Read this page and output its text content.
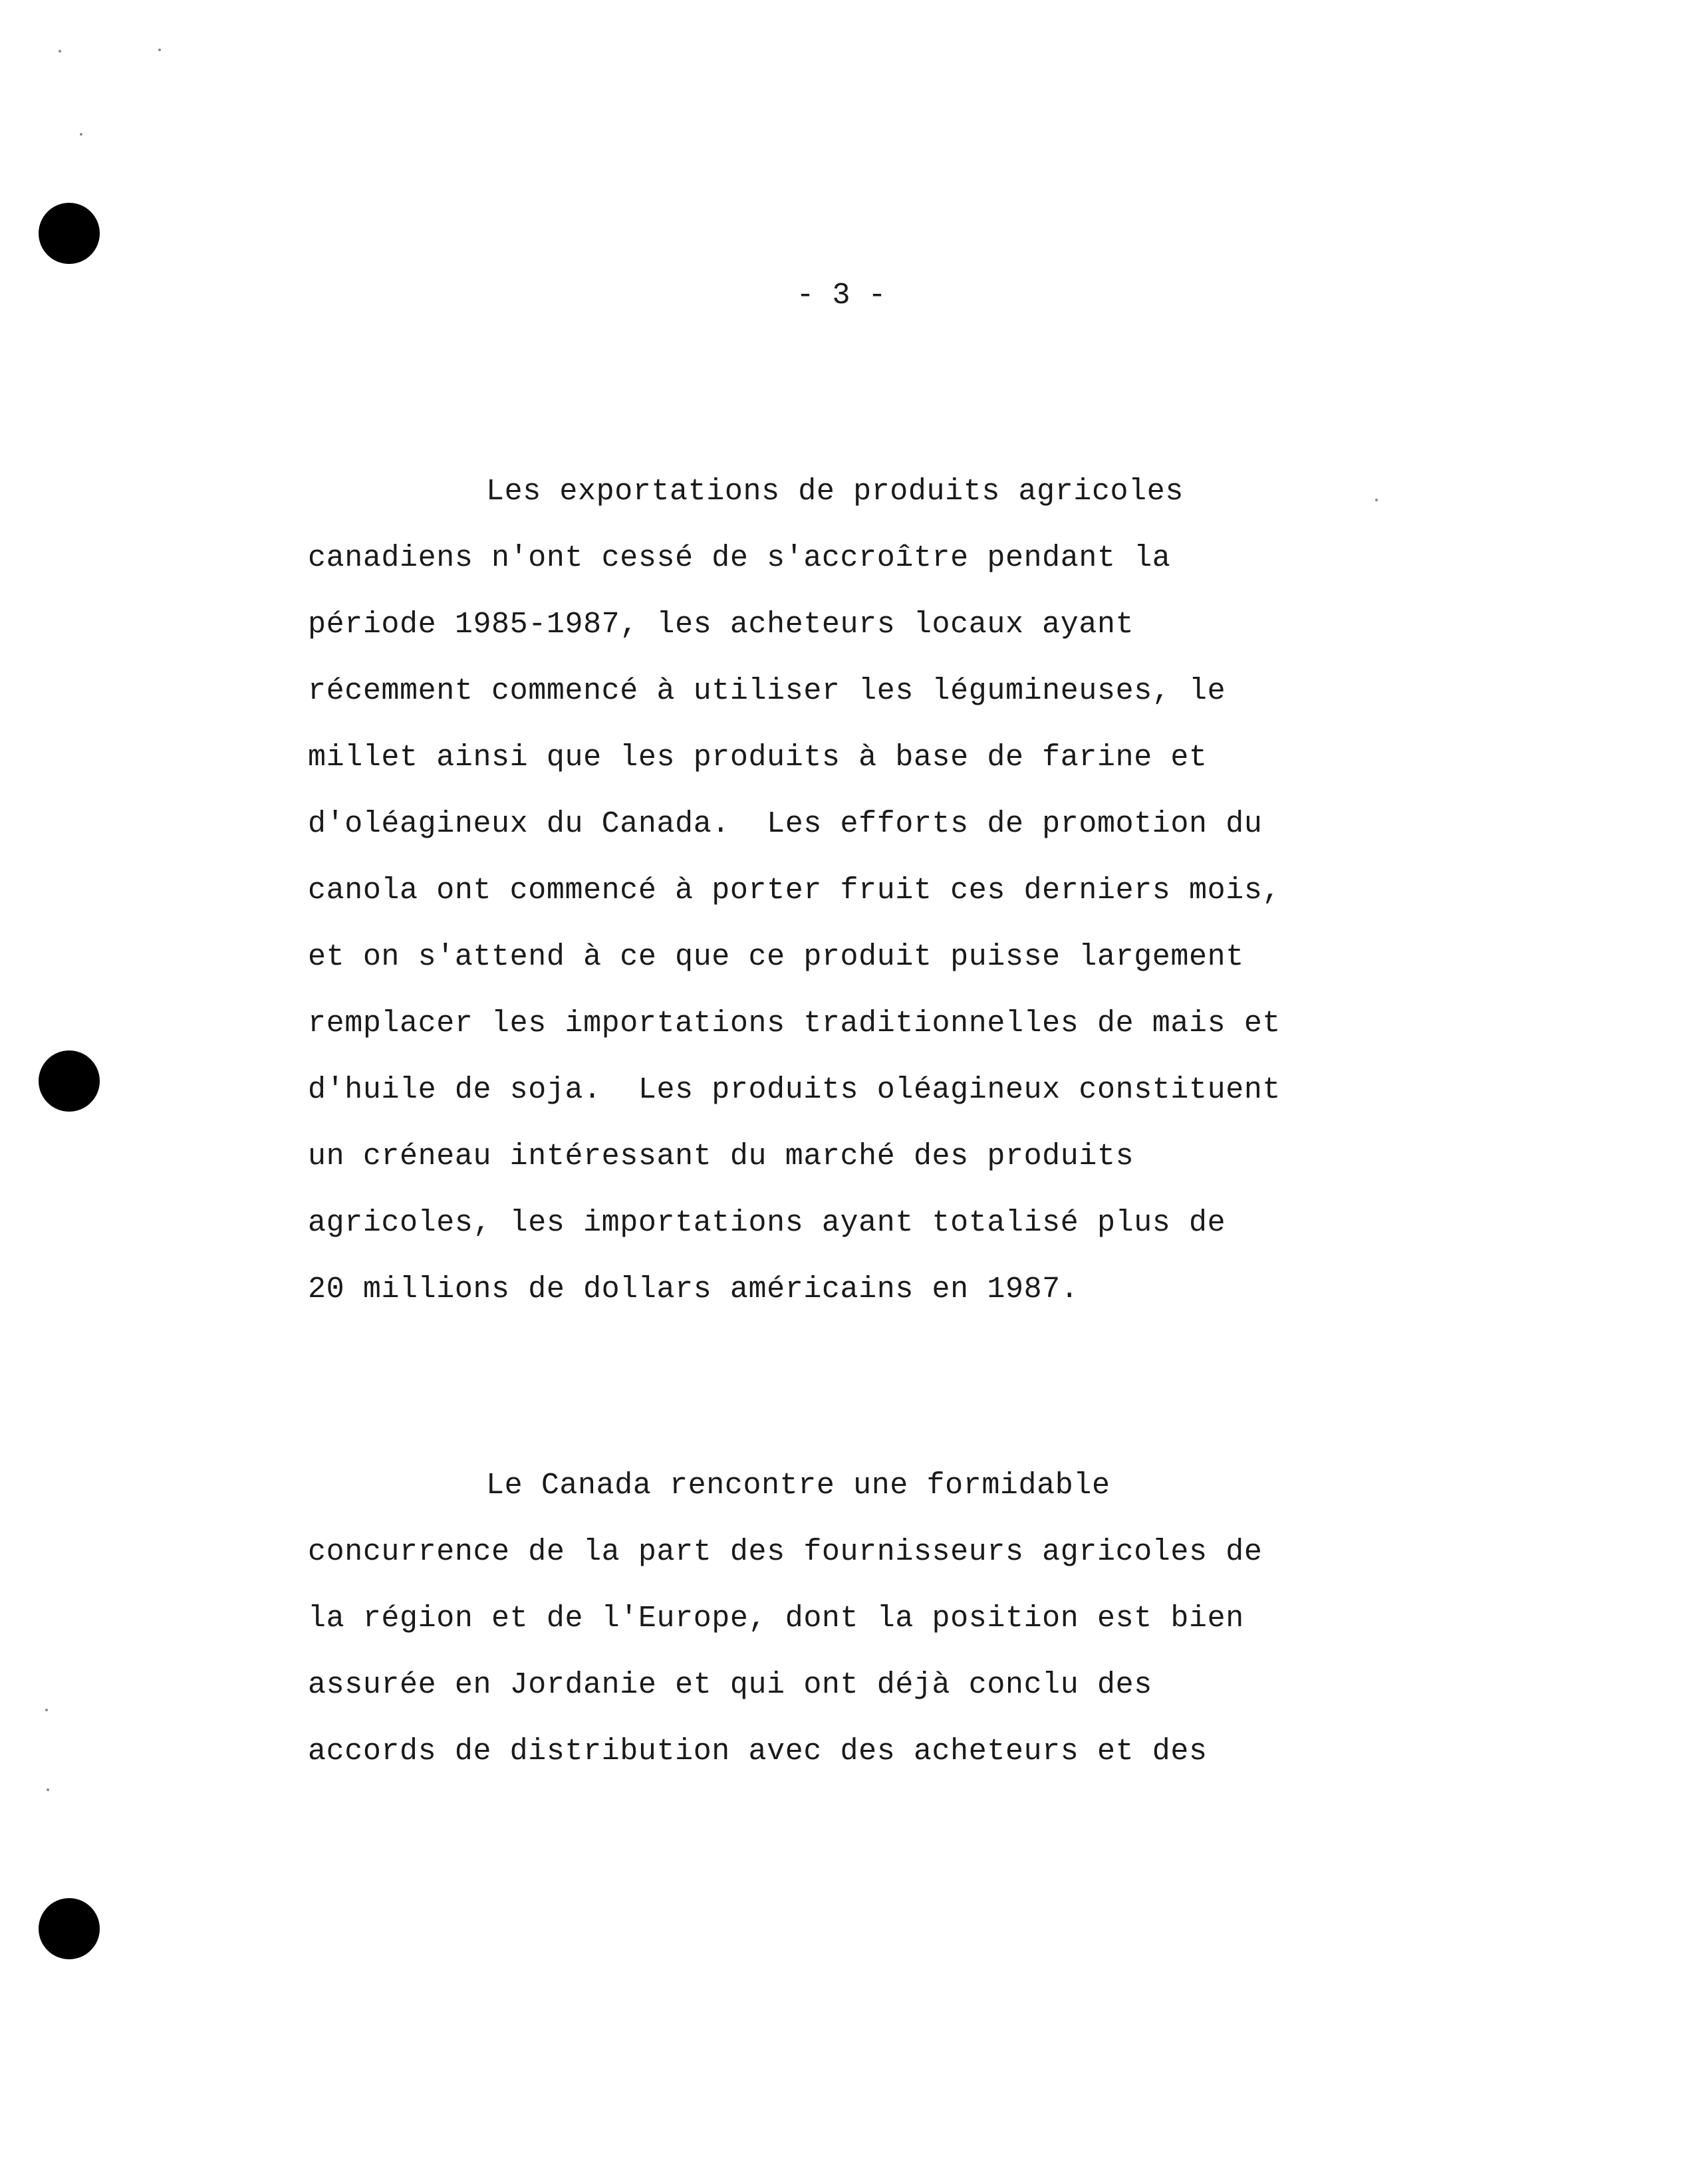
- 3 -
Les exportations de produits agricoles
canadiens n'ont cessé de s'accroître pendant la
période 1985-1987, les acheteurs locaux ayant
récemment commencé à utiliser les légumineuses, le
millet ainsi que les produits à base de farine et
d'oléagineux du Canada.  Les efforts de promotion du
canola ont commencé à porter fruit ces derniers mois,
et on s'attend à ce que ce produit puisse largement
remplacer les importations traditionnelles de mais et
d'huile de soja.  Les produits oléagineux constituent
un créneau intéressant du marché des produits
agricoles, les importations ayant totalisé plus de
20 millions de dollars américains en 1987.
Le Canada rencontre une formidable
concurrence de la part des fournisseurs agricoles de
la région et de l'Europe, dont la position est bien
assurée en Jordanie et qui ont déjà conclu des
accords de distribution avec des acheteurs et des
